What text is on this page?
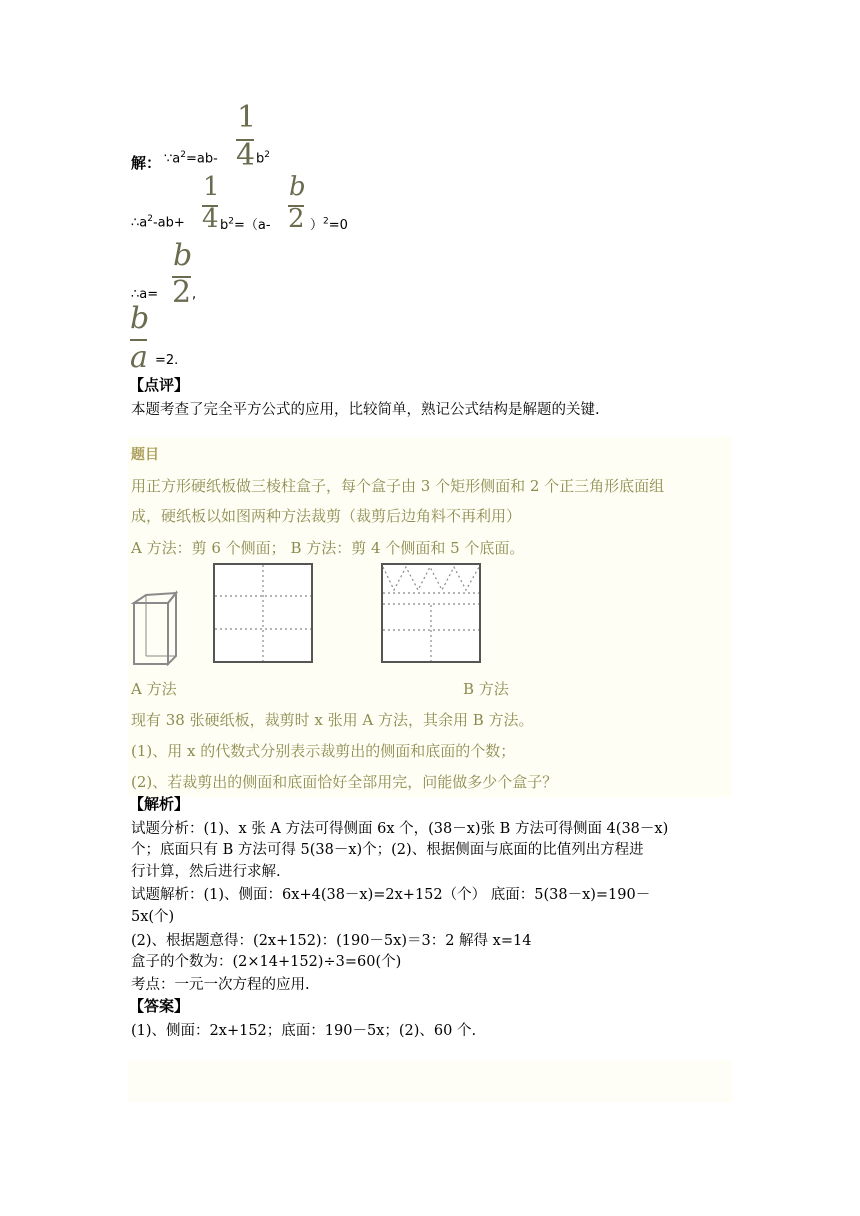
解： $\because a^2=ab-$
1
4 $b^2$
$\therefore a^2-ab+$
1
4 $b^2=(a-$
b
2 ）$^2$=0
∴a=
b
2 ,
b
a =2.
【点评】
本题考查了完全平方公式的应用，比较简单，熟记公式结构是解题的关键.
题目
用正方形硬纸板做三棱柱盒子，每个盒子由 3 个矩形侧面和 2 个正三角形底面组
成，硬纸板以如图两种方法裁剪（裁剪后边角料不再利用）
A 方法：剪 6 个侧面； B 方法：剪 4 个侧面和 5 个底面。
A 方法	B 方法
现有 38 张硬纸板，裁剪时 x 张用 A 方法，其余用 B 方法。
(1)、用 x 的代数式分别表示裁剪出的侧面和底面的个数；
(2)、若裁剪出的侧面和底面恰好全部用完，问能做多少个盒子？
【解析】
试题分析：(1)、x 张 A 方法可得侧面 6x 个，(38－x)张 B 方法可得侧面 4(38－x)
个；底面只有 B 方法可得 5(38－x)个；(2)、根据侧面与底面的比值列出方程进
行计算，然后进行求解.
试题解析：(1)、侧面：6x+4(38－x)=2x+152（个） 底面：5(38－x)=190－
5x(个)
(2)、根据题意得：(2x+152)：(190－5x)＝3：2 解得 x=14
盒子的个数为：(2×14+152)÷3=60(个)
考点：一元一次方程的应用.
【答案】
(1)、侧面：2x+152；底面：190－5x；(2)、60 个.
